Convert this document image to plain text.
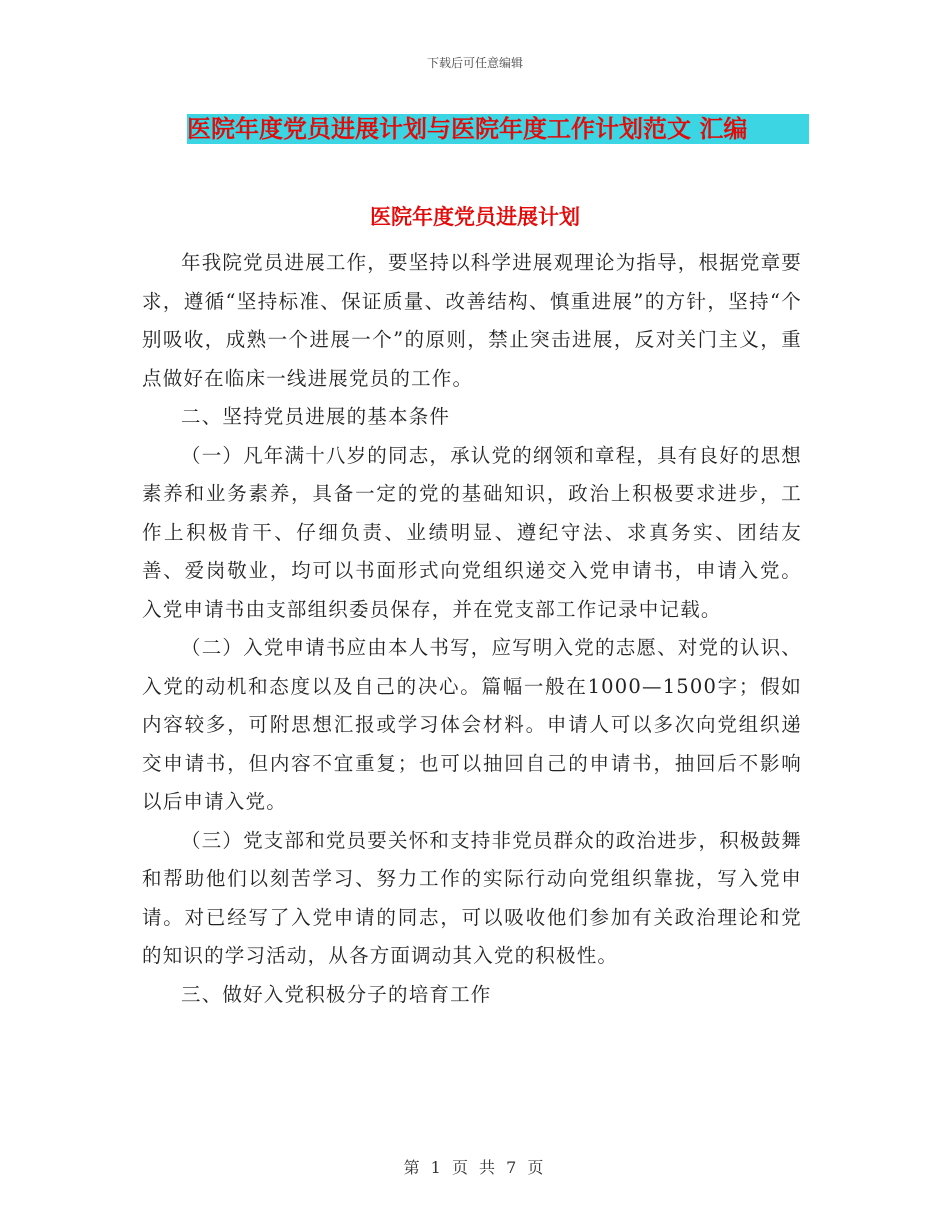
下载后可任意编辑
医院年度党员进展计划与医院年度工作计划范文 汇编
医院年度党员进展计划

年我院党员进展工作，要坚持以科学进展观理论为指导，根据党章要求，遵循“坚持标准、保证质量、改善结构、慎重进展”的方针，坚持“个别吸收，成熟一个进展一个”的原则，禁止突击进展，反对关门主义，重点做好在临床一线进展党员的工作。

二、坚持党员进展的基本条件

（一）凡年满十八岁的同志，承认党的纲领和章程，具有良好的思想素养和业务素养，具备一定的党的基础知识，政治上积极要求进步，工作上积极肯干、仔细负责、业绩明显、遵纪守法、求真务实、团结友善、爱岗敬业，均可以书面形式向党组织递交入党申请书，申请入党。入党申请书由支部组织委员保存，并在党支部工作记录中记载。

（二）入党申请书应由本人书写，应写明入党的志愿、对党的认识、入党的动机和态度以及自己的决心。篇幅一般在1000—1500字；假如内容较多，可附思想汇报或学习体会材料。申请人可以多次向党组织递交申请书，但内容不宜重复；也可以抽回自己的申请书，抽回后不影响以后申请入党。

（三）党支部和党员要关怀和支持非党员群众的政治进步，积极鼓舞和帮助他们以刻苦学习、努力工作的实际行动向党组织靠拢，写入党申请。对已经写了入党申请的同志，可以吸收他们参加有关政治理论和党的知识的学习活动，从各方面调动其入党的积极性。

三、做好入党积极分子的培育工作

第 1 页 共 7 页
